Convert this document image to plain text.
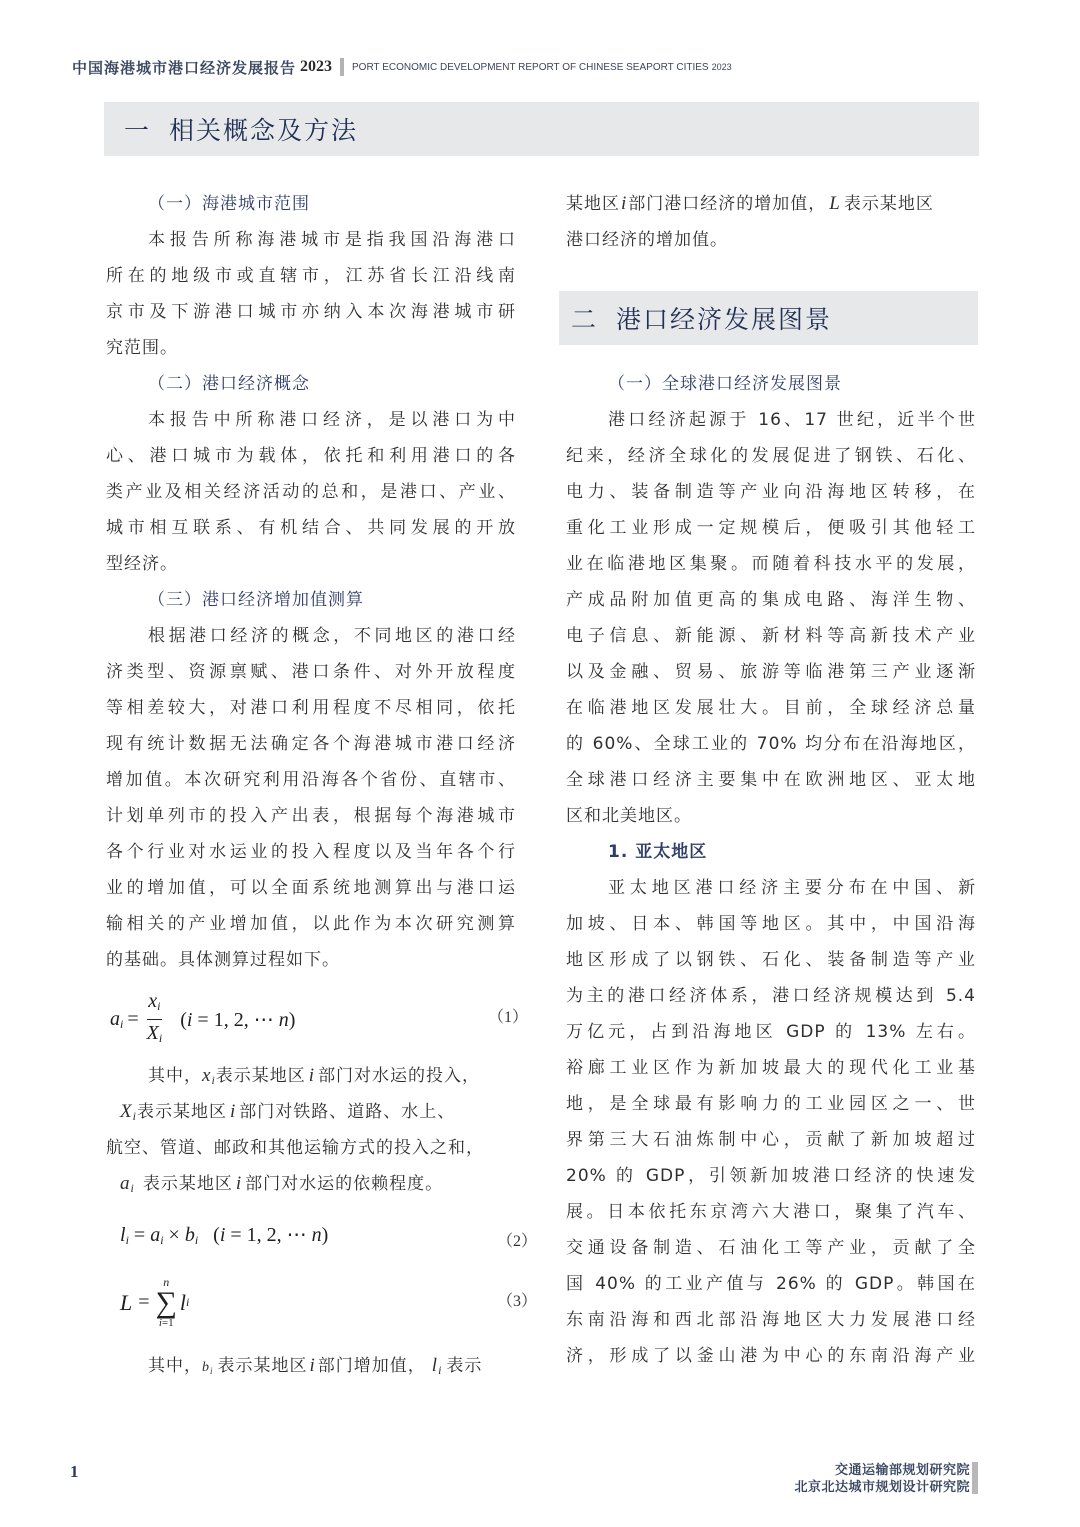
中国海港城市港口经济发展报告 2023 PORT ECONOMIC DEVELOPMENT REPORT OF CHINESE SEAPORT CITIES 2023
一 相关概念及方法

（一）海港城市范围

本报告所称海港城市是指我国沿海港口

所在的地级市或直辖市，江苏省长江沿线南

京市及下游港口城市亦纳入本次海港城市研

究范围。

（二）港口经济概念

本报告中所称港口经济，是以港口为中

心、港口城市为载体，依托和利用港口的各

类产业及相关经济活动的总和，是港口、产业、

城市相互联系、有机结合、共同发展的开放

型经济。

（三）港口经济增加值测算

根据港口经济的概念，不同地区的港口经

济类型、资源禀赋、港口条件、对外开放程度

等相差较大，对港口利用程度不尽相同，依托

现有统计数据无法确定各个海港城市港口经济

增加值。本次研究利用沿海各个省份、直辖市、

计划单列市的投入产出表，根据每个海港城市

各个行业对水运业的投入程度以及当年各个行

业的增加值，可以全面系统地测算出与港口运

输相关的产业增加值，以此作为本次研究测算

的基础。具体测算过程如下。

ai = $\frac{xi}{Xi} (i = 1$, 2, ⋯ n)	（1）

其中，xi表示某地区 i 部门对水运的投入，

Xi表示某地区 i 部门对铁路、道路、水上、

航空、管道、邮政和其他运输方式的投入之和，

ai 表示某地区 i 部门对水运的依赖程度。

li = ai × bi (i = 1, 2, ⋯ n)	（2）
L =
n
∑
i=1
l i	（3）

其中，bi 表示某地区 i 部门增加值， li 表示

某地区i部门港口经济的增加值， L 表示某地区

港口经济的增加值。

二 港口经济发展图景

（一）全球港口经济发展图景

港口经济起源于 16、17 世纪，近半个世

纪来，经济全球化的发展促进了钢铁、石化、

电力、装备制造等产业向沿海地区转移，在

重化工业形成一定规模后，便吸引其他轻工

业在临港地区集聚。而随着科技水平的发展，

产成品附加值更高的集成电路、海洋生物、

电子信息、新能源、新材料等高新技术产业

以及金融、贸易、旅游等临港第三产业逐渐

在临港地区发展壮大。目前，全球经济总量

的 60%、全球工业的 70% 均分布在沿海地区，

全球港口经济主要集中在欧洲地区、亚太地

区和北美地区。

1. 亚太地区

亚太地区港口经济主要分布在中国、新

加坡、日本、韩国等地区。其中，中国沿海

地区形成了以钢铁、石化、装备制造等产业

为主的港口经济体系，港口经济规模达到 5.4

万亿元，占到沿海地区 GDP 的 13% 左右。

裕廊工业区作为新加坡最大的现代化工业基

地，是全球最有影响力的工业园区之一、世

界第三大石油炼制中心，贡献了新加坡超过

20% 的 GDP，引领新加坡港口经济的快速发

展。日本依托东京湾六大港口，聚集了汽车、

交通设备制造、石油化工等产业，贡献了全

国 40% 的工业产值与 26% 的 GDP。韩国在

东南沿海和西北部沿海地区大力发展港口经

济，形成了以釜山港为中心的东南沿海产业

1	交通运输部规划研究院
北京北达城市规划设计研究院
